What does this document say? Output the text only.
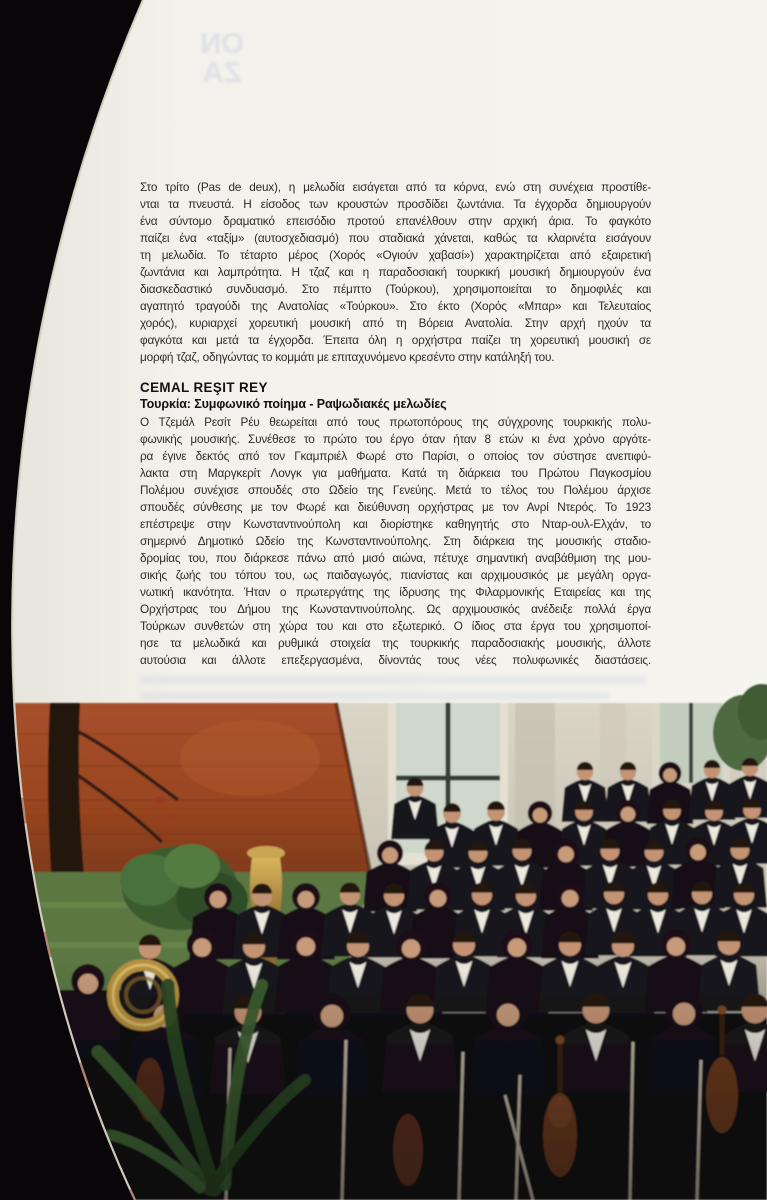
ON
ΖΑ
Στο τρίτο (Pas de deux), η μελωδία εισάγεται από τα κόρνα, ενώ στη συνέχεια προστίθε-
νται τα πνευστά. Η είσοδος των κρουστών προσδίδει ζωντάνια. Τα έγχορδα δημιουργούν
ένα σύντομο δραματικό επεισόδιο προτού επανέλθουν στην αρχική άρια. Το φαγκότο
παίζει ένα «ταξίμ» (αυτοσχεδιασμό) που σταδιακά χάνεται, καθώς τα κλαρινέτα εισάγουν
τη μελωδία. Το τέταρτο μέρος (Χορός «Ογιούν χαβασί») χαρακτηρίζεται από εξαιρετική
ζωντάνια και λαμπρότητα. Η τζαζ και η παραδοσιακή τουρκική μουσική δημιουργούν ένα
διασκεδαστικό συνδυασμό. Στο πέμπτο (Τούρκου), χρησιμοποιείται το δημοφιλές και
αγαπητό τραγούδι της Ανατολίας «Τούρκου». Στο έκτο (Χορός «Μπαρ» και Τελευταίος
χορός), κυριαρχεί χορευτική μουσική από τη Βόρεια Ανατολία. Στην αρχή ηχούν τα
φαγκότα και μετά τα έγχορδα. Έπειτα όλη η ορχήστρα παίζει τη χορευτική μουσική σε
μορφή τζαζ, οδηγώντας το κομμάτι με επιταχυνόμενο κρεσέντο στην κατάληξή του.
CEMAL REŞIT REY
Τουρκία: Συμφωνικό ποίημα - Ραψωδιακές μελωδίες
Ο Τζεμάλ Ρεσίτ Ρέυ θεωρείται από τους πρωτοπόρους της σύγχρονης τουρκικής πολυ-
φωνικής μουσικής. Συνέθεσε το πρώτο του έργο όταν ήταν 8 ετών κι ένα χρόνο αργότε-
ρα έγινε δεκτός από τον Γκαμπριέλ Φωρέ στο Παρίσι, ο οποίος τον σύστησε ανεπιφύ-
λακτα στη Μαργκερίτ Λονγκ για μαθήματα. Κατά τη διάρκεια του Πρώτου Παγκοσμίου
Πολέμου συνέχισε σπουδές στο Ωδείο της Γενεύης. Μετά το τέλος του Πολέμου άρχισε
σπουδές σύνθεσης με τον Φωρέ και διεύθυνση ορχήστρας με τον Ανρί Ντερός. Το 1923
επέστρεψε στην Κωνσταντινούπολη και διορίστηκε καθηγητής στο Νταρ-ουλ-Ελχάν, το
σημερινό Δημοτικό Ωδείο της Κωνσταντινούπολης. Στη διάρκεια της μουσικής σταδιο-
δρομίας του, που διάρκεσε πάνω από μισό αιώνα, πέτυχε σημαντική αναβάθμιση της μου-
σικής ζωής του τόπου του, ως παιδαγωγός, πιανίστας και αρχιμουσικός με μεγάλη οργα-
νωτική ικανότητα. Ήταν ο πρωτεργάτης της ίδρυσης της Φιλαρμονικής Εταιρείας και της
Ορχήστρας του Δήμου της Κωνσταντινούπολης. Ως αρχιμουσικός ανέδειξε πολλά έργα
Τούρκων συνθετών στη χώρα του και στο εξωτερικό. Ο ίδιος στα έργα του χρησιμοποί-
ησε τα μελωδικά και ρυθμικά στοιχεία της τουρκικής παραδοσιακής μουσικής, άλλοτε
αυτούσια και άλλοτε επεξεργασμένα, δίνοντάς τους νέες πολυφωνικές διαστάσεις.
